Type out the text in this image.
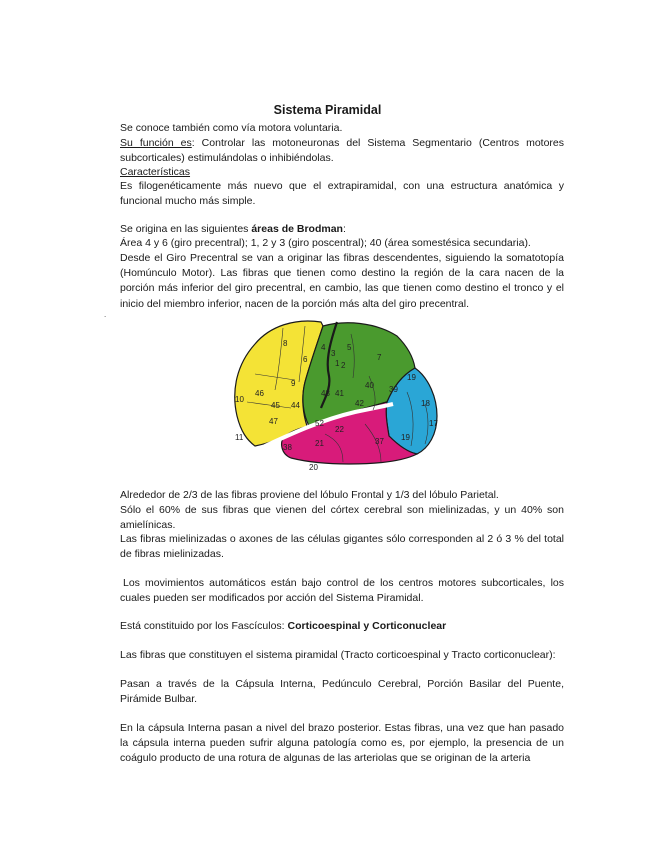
Sistema Piramidal
Se conoce también como vía motora voluntaria.
Su función es: Controlar las motoneuronas del Sistema Segmentario (Centros motores subcorticales) estimulándolas o inhibiéndolas.
Características
Es filogenéticamente más nuevo que el extrapiramidal, con una estructura anatómica y funcional mucho más simple.
Se origina en las siguientes áreas de Brodman:
Área 4 y 6 (giro precentral); 1, 2 y 3 (giro poscentral); 40 (área somestésica secundaria).
Desde el Giro Precentral se van a originar las fibras descendentes, siguiendo la somatotopía (Homúnculo Motor). Las fibras que tienen como destino la región de la cara nacen de la porción más inferior del giro precentral, en cambio, las que tienen como destino el tronco y el inicio del miembro inferior, nacen de la porción más alta del giro precentral.
.
8
6
4
3
1 2
5
7
9
46
10
45 44
47
11
43 41
40 39
42
52
22
21
38
37
20
19
18
17
19
Alrededor de 2/3 de las fibras proviene del lóbulo Frontal y 1/3 del lóbulo Parietal.
Sólo el 60% de sus fibras que vienen del córtex cerebral son mielinizadas, y un 40% son amielínicas.
Las fibras mielinizadas o axones de las células gigantes sólo corresponden al 2 ó 3 % del total de fibras mielinizadas.
Los movimientos automáticos están bajo control de los centros motores subcorticales, los cuales pueden ser modificados por acción del Sistema Piramidal.
Está constituido por los Fascículos: Corticoespinal y Corticonuclear
Las fibras que constituyen el sistema piramidal (Tracto corticoespinal y Tracto corticonuclear):
Pasan a través de la Cápsula Interna, Pedúnculo Cerebral, Porción Basilar del Puente, Pirámide Bulbar.
En la cápsula Interna pasan a nivel del brazo posterior. Estas fibras, una vez que han pasado la cápsula interna pueden sufrir alguna patología como es, por ejemplo, la presencia de un coágulo producto de una rotura de algunas de las arteriolas que se originan de la arteria
